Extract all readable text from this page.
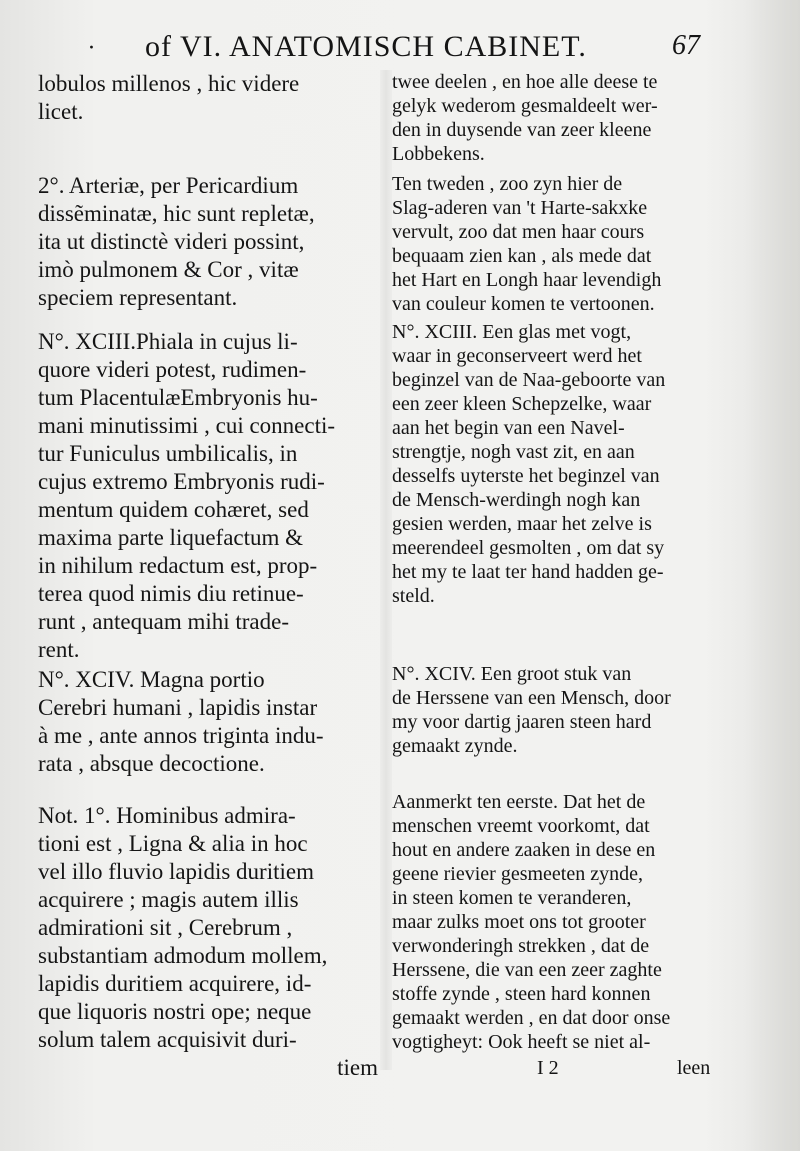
· of VI. ANATOMISCH CABINET.	67
lobulos millenos , hic videre
licet.
2°. Arteriæ, per Pericardium
dissẽminatæ, hic sunt repletæ,
ita ut distinctè videri possint,
imò pulmonem & Cor , vitæ
speciem representant.
N°. XCIII.Phiala in cujus li-
quore videri potest, rudimen-
tum PlacentulæEmbryonis hu-
mani minutissimi , cui connecti-
tur Funiculus umbilicalis, in
cujus extremo Embryonis rudi-
mentum quidem cohæret, sed
maxima parte liquefactum &
in nihilum redactum est, prop-
terea quod nimis diu retinue-
runt , antequam mihi trade-
rent.
N°. XCIV. Magna portio
Cerebri humani , lapidis instar
à me , ante annos triginta indu-
rata , absque decoctione.
Not. 1°. Hominibus admira-
tioni est , Ligna & alia in hoc
vel illo fluvio lapidis duritiem
acquirere ; magis autem illis
admirationi sit , Cerebrum ,
substantiam admodum mollem,
lapidis duritiem acquirere, id-
que liquoris nostri ope; neque
solum talem acquisivit duri-
tiem
twee deelen , en hoe alle deese te
gelyk wederom gesmaldeelt wer-
den in duysende van zeer kleene
Lobbekens.
Ten tweden , zoo zyn hier de
Slag-aderen van 't Harte-sakxke
vervult, zoo dat men haar cours
bequaam zien kan , als mede dat
het Hart en Longh haar levendigh
van couleur komen te vertoonen.
N°. XCIII. Een glas met vogt,
waar in geconserveert werd het
beginzel van de Naa-geboorte van
een zeer kleen Schepzelke, waar
aan het begin van een Navel-
strengtje, nogh vast zit, en aan
desselfs uyterste het beginzel van
de Mensch-werdingh nogh kan
gesien werden, maar het zelve is
meerendeel gesmolten , om dat sy
het my te laat ter hand hadden ge-
steld.
N°. XCIV. Een groot stuk van
de Herssene van een Mensch, door
my voor dartig jaaren steen hard
gemaakt zynde.
Aanmerkt ten eerste. Dat het de
menschen vreemt voorkomt, dat
hout en andere zaaken in dese en
geene rievier gesmeeten zynde,
in steen komen te veranderen,
maar zulks moet ons tot grooter
verwonderingh strekken , dat de
Herssene, die van een zeer zaghte
stoffe zynde , steen hard konnen
gemaakt werden , en dat door onse
vogtigheyt: Ook heeft se niet al-
I 2	leen
